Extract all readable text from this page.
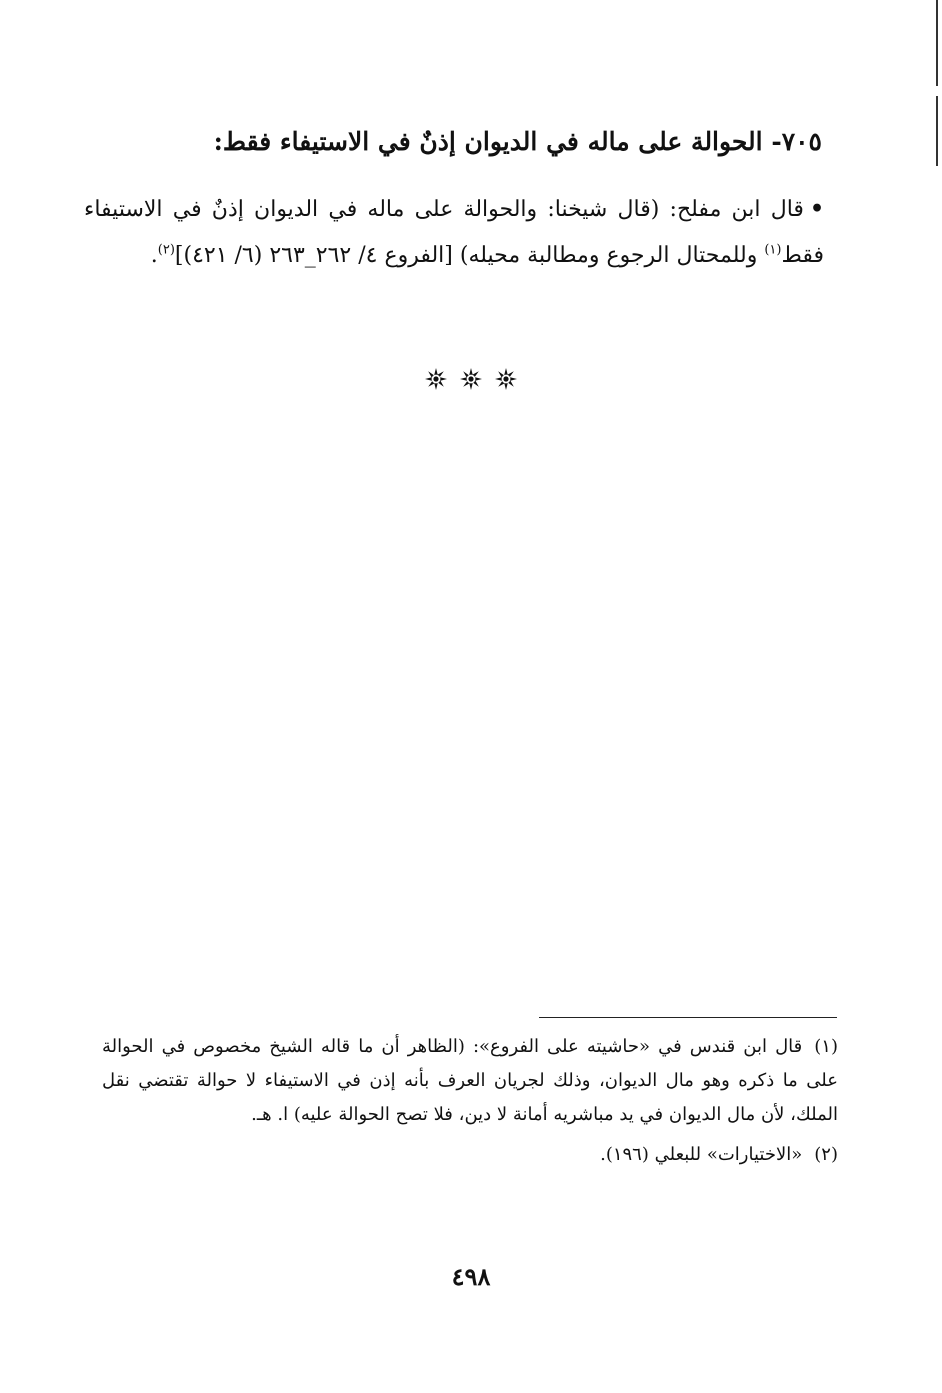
٧٠٥- الحوالة على ماله في الديوان إذنٌ في الاستيفاء فقط:
•قال ابن مفلح: (قال شيخنا: والحوالة على ماله في الديوان إذنٌ في الاستيفاء فقط$^{(١)}$ وللمحتال الرجوع ومطالبة محيله) [الفروع ٤/ ٢٦٢_٢٦٣ (٦/ ٤٢١)]$^{(٢)}$.

(١)قال ابن قندس في «حاشيته على الفروع»: (الظاهر أن ما قاله الشيخ مخصوص في الحوالة على ما ذكره وهو مال الديوان، وذلك لجريان العرف بأنه إذن في الاستيفاء لا حوالة تقتضي نقل الملك، لأن مال الديوان في يد مباشريه أمانة لا دين، فلا تصح الحوالة عليه) ا. هـ.

(٢)«الاختيارات» للبعلي (١٩٦).

٤٩٨
